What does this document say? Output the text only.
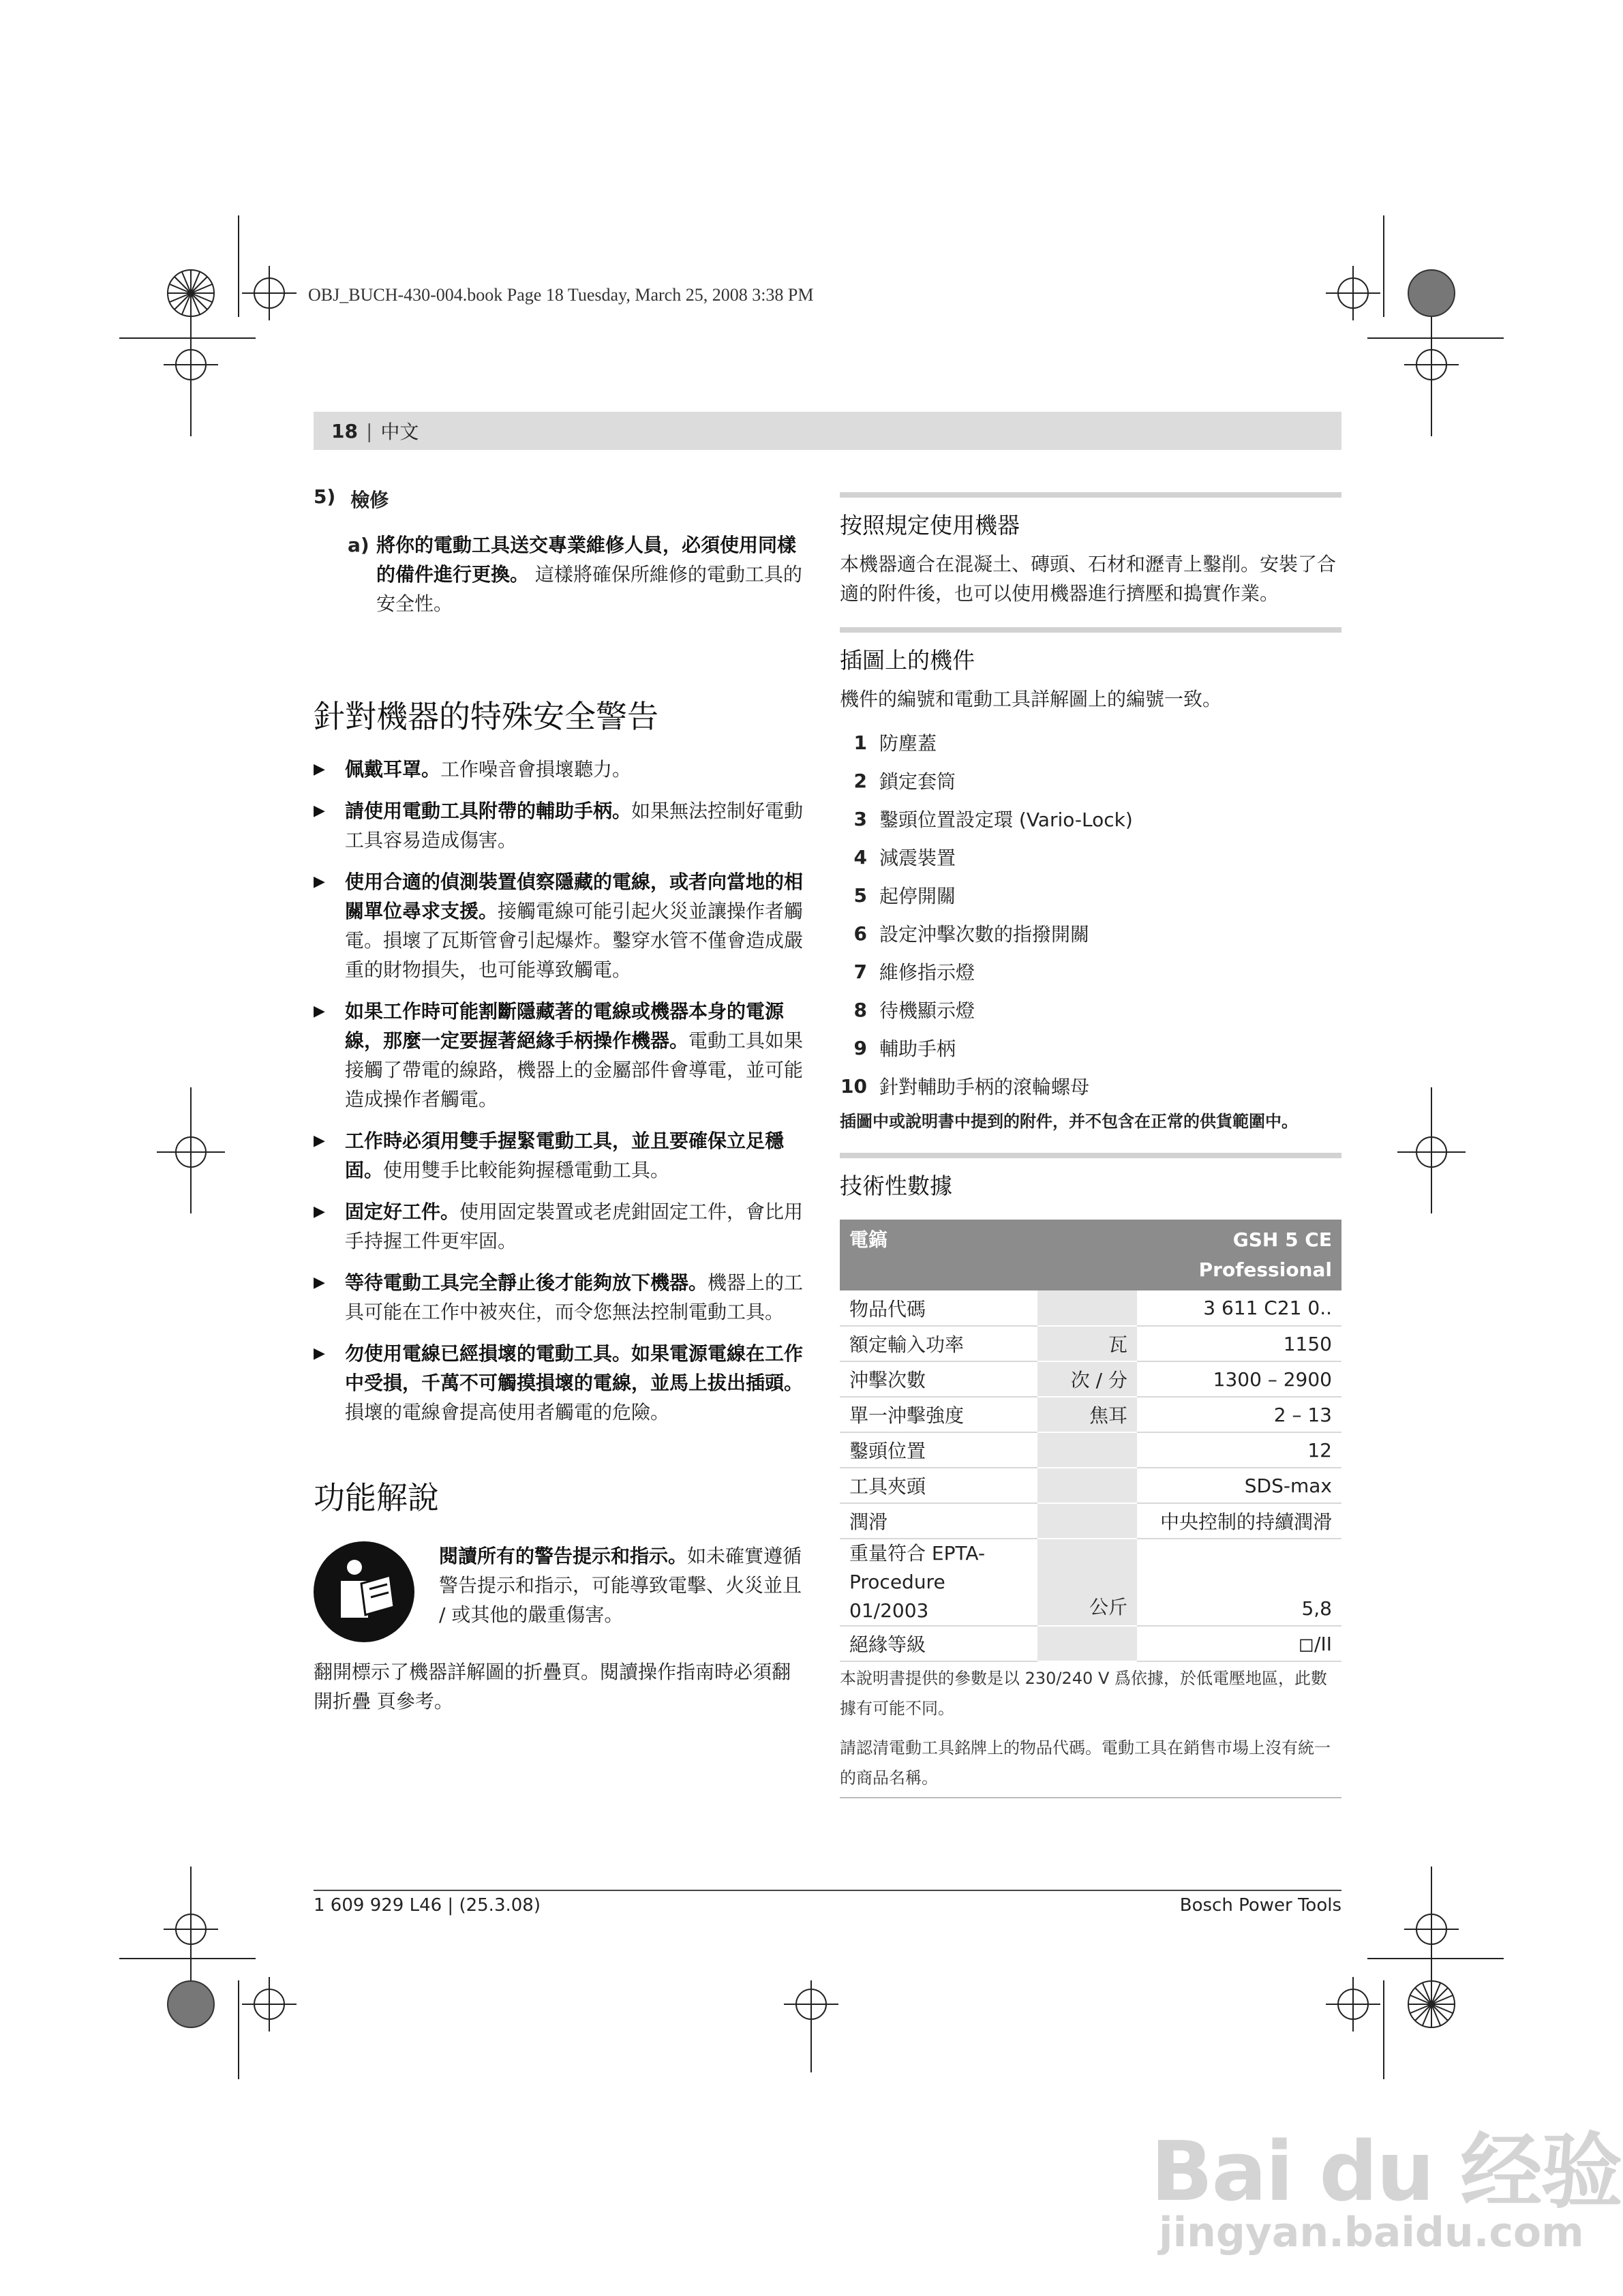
OBJ_BUCH-430-004.book Page 18 Tuesday, March 25, 2008 3:38 PM
18 | 中文
5) 檢修
a) 將你的電動工具送交專業維修人員，必須使用同樣的備件進行更換。 這樣將確保所維修的電動工具的安全性。
針對機器的特殊安全警告
▶	佩戴耳罩。工作噪音會損壞聽力。
▶	請使用電動工具附帶的輔助手柄。如果無法控制好電動工具容易造成傷害。
▶	使用合適的偵測裝置偵察隱藏的電線，或者向當地的相關單位尋求支援。接觸電線可能引起火災並讓操作者觸電。損壞了瓦斯管會引起爆炸。鑿穿水管不僅會造成嚴重的財物損失，也可能導致觸電。
▶	如果工作時可能割斷隱藏著的電線或機器本身的電源線，那麼一定要握著絕緣手柄操作機器。電動工具如果接觸了帶電的線路，機器上的金屬部件會導電，並可能造成操作者觸電。
▶	工作時必須用雙手握緊電動工具，並且要確保立足穩固。使用雙手比較能夠握穩電動工具。
▶	固定好工件。使用固定裝置或老虎鉗固定工件，會比用手持握工件更牢固。
▶	等待電動工具完全靜止後才能夠放下機器。機器上的工具可能在工作中被夾住，而令您無法控制電動工具。
▶	勿使用電線已經損壞的電動工具。如果電源電線在工作中受損，千萬不可觸摸損壞的電線，並馬上拔出插頭。損壞的電線會提高使用者觸電的危險。
功能解說
閱讀所有的警告提示和指示。如未確實遵循警告提示和指示，可能導致電擊、火災並且 / 或其他的嚴重傷害。
翻開標示了機器詳解圖的折疊頁。閱讀操作指南時必須翻開折疊 頁參考。
按照規定使用機器
本機器適合在混凝土、磚頭、石材和瀝青上鑿削。安裝了合適的附件後，也可以使用機器進行擠壓和搗實作業。
插圖上的機件
機件的編號和電動工具詳解圖上的編號一致。
1 防塵蓋
2 鎖定套筒
3 鑿頭位置設定環 (Vario-Lock)
4 減震裝置
5 起停開關
6 設定沖擊次數的指撥開關
7 維修指示燈
8 待機顯示燈
9 輔助手柄
10 針對輔助手柄的滾輪螺母
插圖中或說明書中提到的附件，并不包含在正常的供貨範圍中。
技術性數據
電鎬		GSH 5 CE
Professional

物品代碼		3 611 C21 0..
額定輸入功率	瓦	1150
沖擊次數	次 / 分	1300 – 2900
單一沖擊強度	焦耳	2 – 13
鑿頭位置		12
工具夾頭		SDS-max
潤滑		中央控制的持續潤滑
重量符合 EPTA-Procedure 01/2003	公斤	5,8
絕緣等級		◻/II
本說明書提供的參數是以 230/240 V 爲依據，於低電壓地區，此數據有可能不同。
請認清電動工具銘牌上的物品代碼。電動工具在銷售市場上沒有統一的商品名稱。
1 609 929 L46 | (25.3.08)	Bosch Power Tools
Bai du 经验
jingyan.baidu.com
